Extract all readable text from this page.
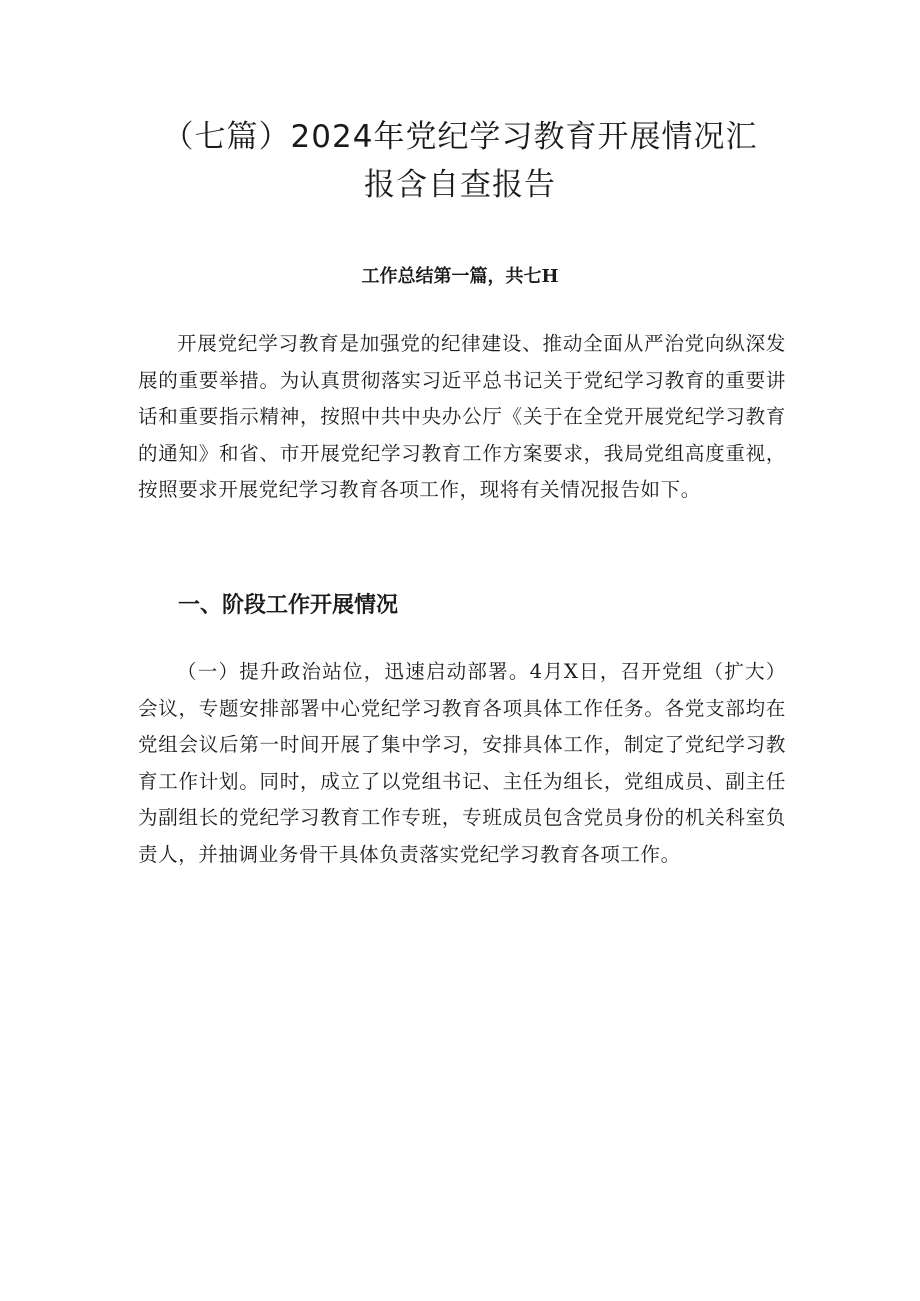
（七篇）2024年党纪学习教育开展情况汇
报含自查报告

工作总结第一篇，共七H

开展党纪学习教育是加强党的纪律建设、推动全面从严治党向纵深发展的重要举措。为认真贯彻落实习近平总书记关于党纪学习教育的重要讲话和重要指示精神，按照中共中央办公厅《关于在全党开展党纪学习教育的通知》和省、市开展党纪学习教育工作方案要求，我局党组高度重视，按照要求开展党纪学习教育各项工作，现将有关情况报告如下。

一、阶段工作开展情况

（一）提升政治站位，迅速启动部署。4月X日，召开党组（扩大）会议，专题安排部署中心党纪学习教育各项具体工作任务。各党支部均在党组会议后第一时间开展了集中学习，安排具体工作，制定了党纪学习教育工作计划。同时，成立了以党组书记、主任为组长，党组成员、副主任为副组长的党纪学习教育工作专班，专班成员包含党员身份的机关科室负责人，并抽调业务骨干具体负责落实党纪学习教育各项工作。
